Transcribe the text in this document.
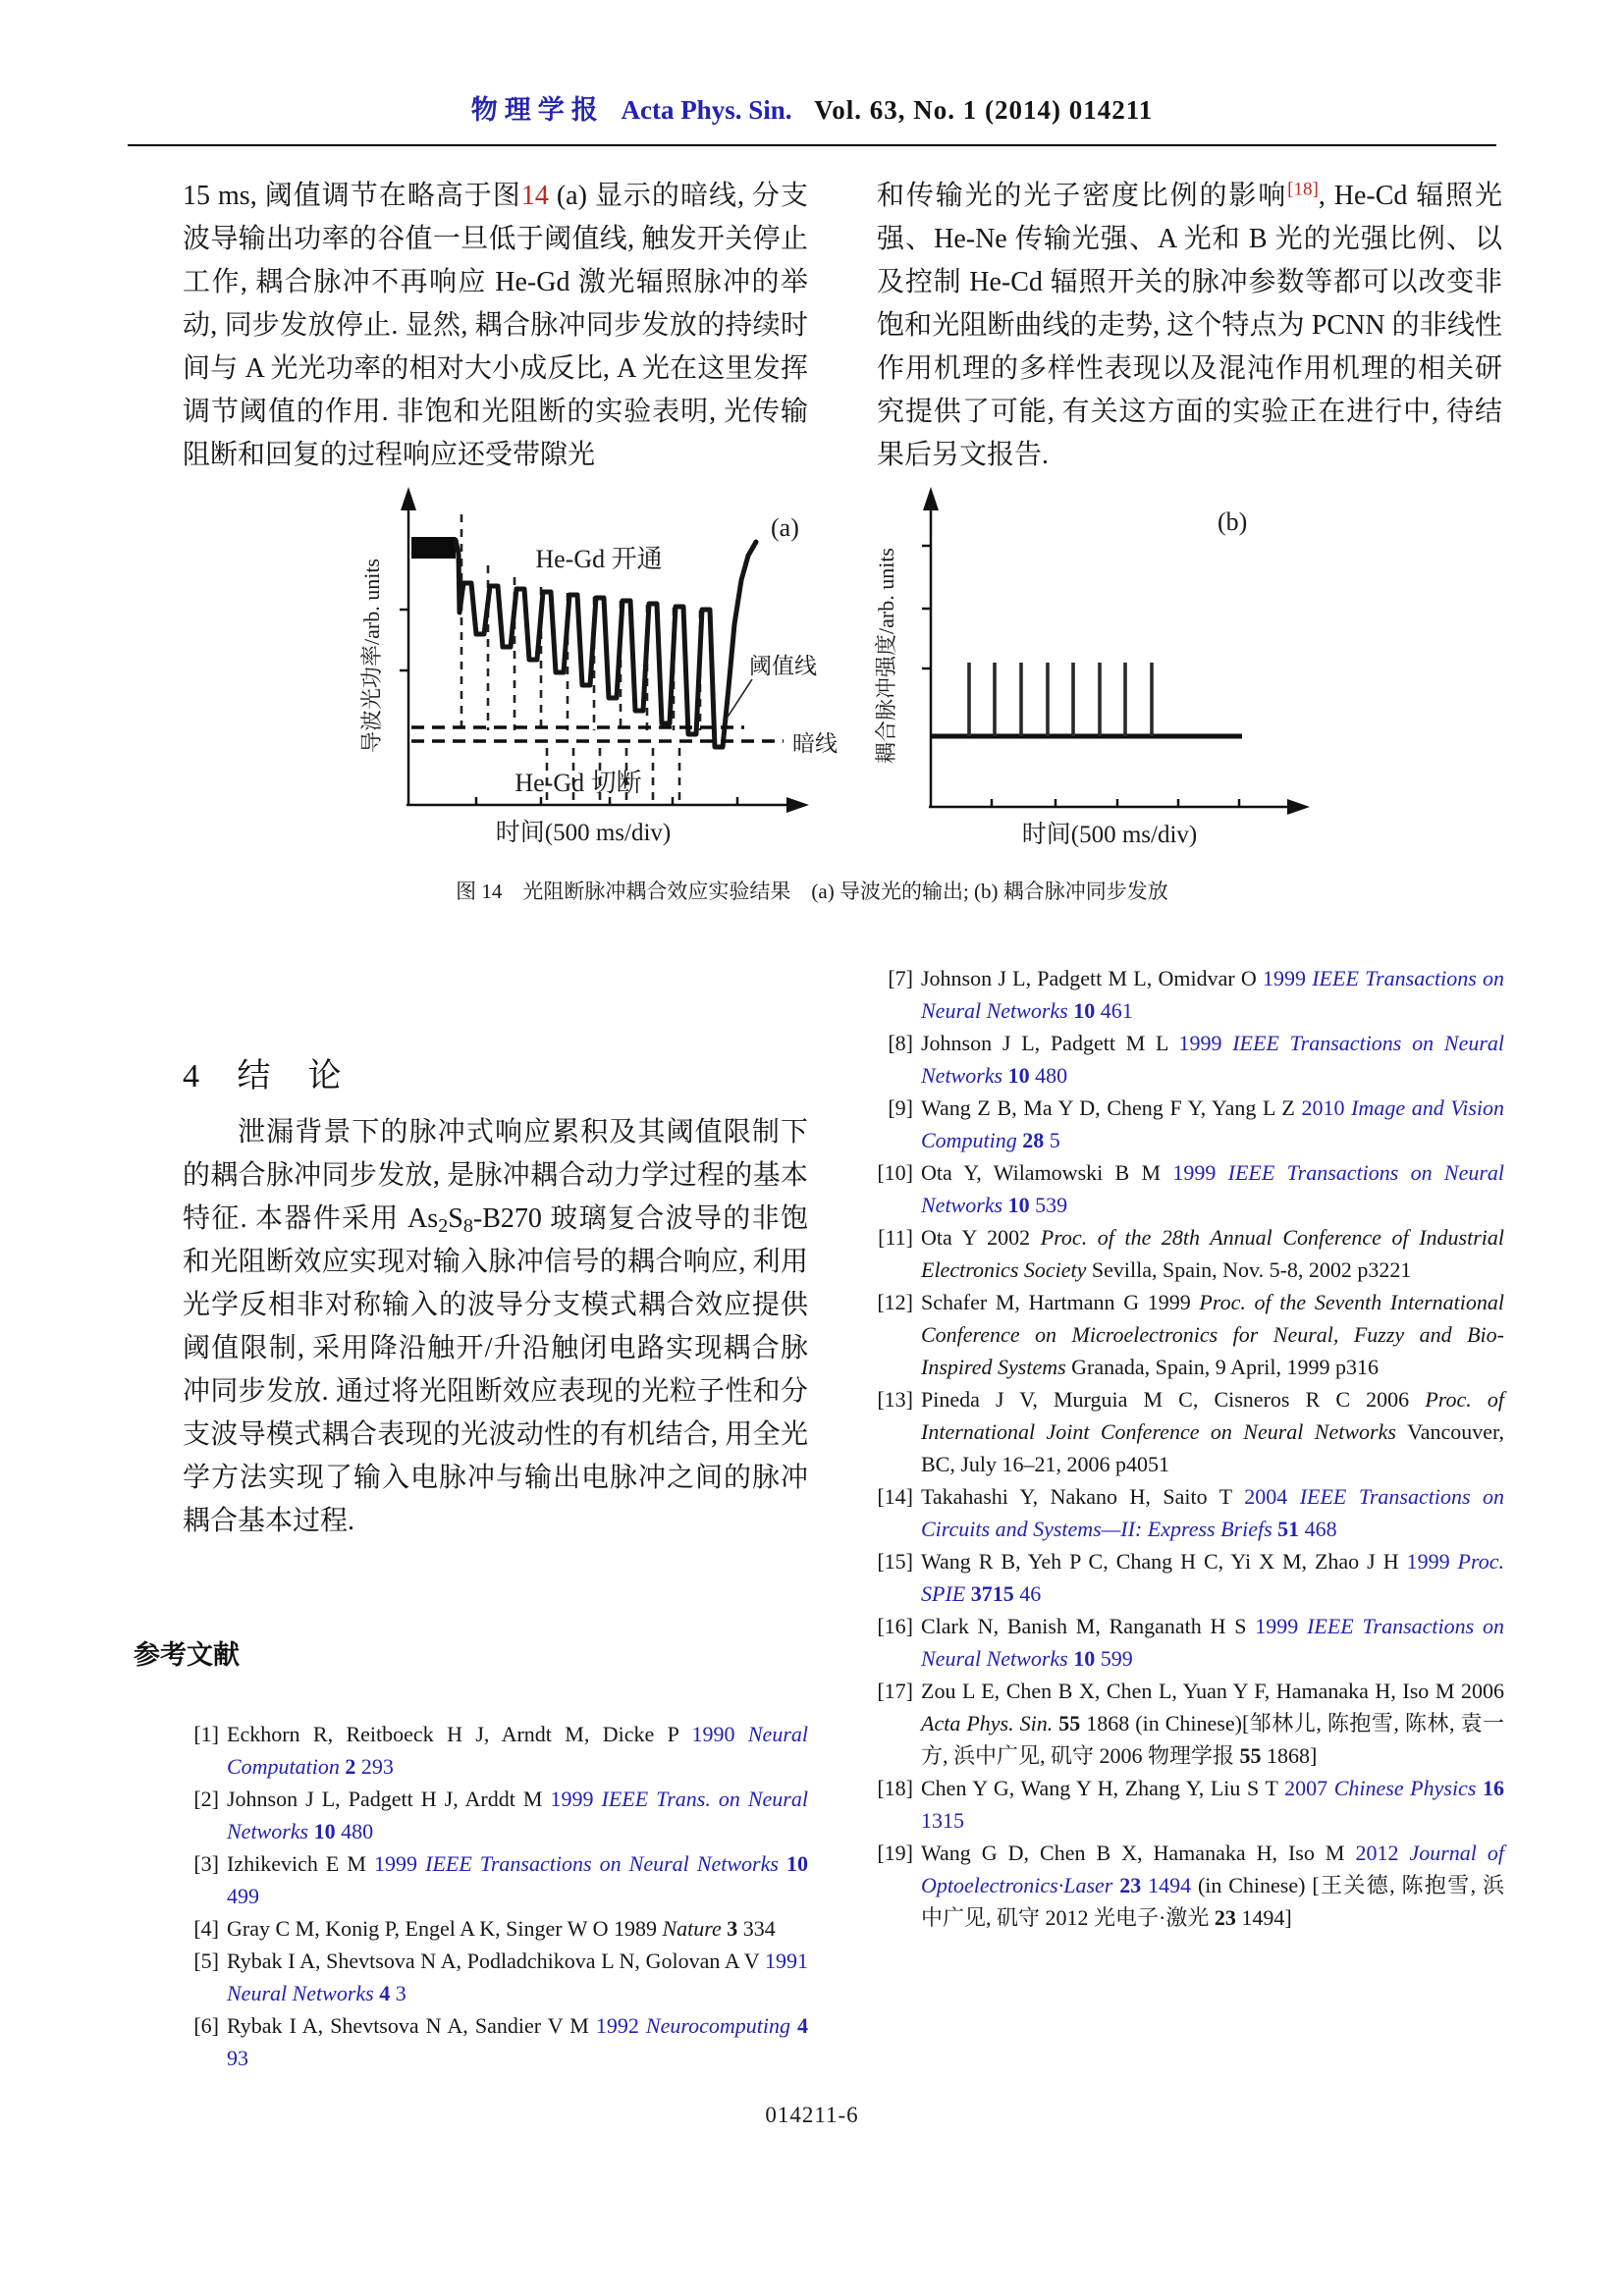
物理学报 Acta Phys. Sin. Vol. 63, No. 1 (2014) 014211
15 ms, 阈值调节在略高于图14 (a) 显示的暗线, 分支波导输出功率的谷值一旦低于阈值线, 触发开关停止工作, 耦合脉冲不再响应 He-Gd 激光辐照脉冲的举动, 同步发放停止. 显然, 耦合脉冲同步发放的持续时间与 A 光光功率的相对大小成反比, A 光在这里发挥调节阈值的作用. 非饱和光阻断的实验表明, 光传输阻断和回复的过程响应还受带隙光
和传输光的光子密度比例的影响[18], He-Cd 辐照光强、He-Ne 传输光强、A 光和 B 光的光强比例、以及控制 He-Cd 辐照开关的脉冲参数等都可以改变非饱和光阻断曲线的走势, 这个特点为 PCNN 的非线性作用机理的多样性表现以及混沌作用机理的相关研究提供了可能, 有关这方面的实验正在进行中, 待结果后另文报告.
(a)
He-Gd 开通
He-Gd 切断
阈值线
暗线
时间(500 ms/div)
导波光功率/arb. units
(b)
时间(500 ms/div)
耦合脉冲强度/arb. units
图 14    光阻断脉冲耦合效应实验结果    (a) 导波光的输出; (b) 耦合脉冲同步发放
4 结　论
泄漏背景下的脉冲式响应累积及其阈值限制下的耦合脉冲同步发放, 是脉冲耦合动力学过程的基本特征. 本器件采用 As2S8-B270 玻璃复合波导的非饱和光阻断效应实现对输入脉冲信号的耦合响应, 利用光学反相非对称输入的波导分支模式耦合效应提供阈值限制, 采用降沿触开/升沿触闭电路实现耦合脉冲同步发放. 通过将光阻断效应表现的光粒子性和分支波导模式耦合表现的光波动性的有机结合, 用全光学方法实现了输入电脉冲与输出电脉冲之间的脉冲耦合基本过程.
参考文献
[1] Eckhorn R, Reitboeck H J, Arndt M, Dicke P 1990 Neural Computation 2 293
[2] Johnson J L, Padgett H J, Arddt M 1999 IEEE Trans. on Neural Networks 10 480
[3] Izhikevich E M 1999 IEEE Transactions on Neural Networks 10 499
[4] Gray C M, Konig P, Engel A K, Singer W O 1989 Nature 3 334
[5] Rybak I A, Shevtsova N A, Podladchikova L N, Golovan A V 1991 Neural Networks 4 3
[6] Rybak I A, Shevtsova N A, Sandier V M 1992 Neurocomputing 4 93
[7] Johnson J L, Padgett M L, Omidvar O 1999 IEEE Transactions on Neural Networks 10 461
[8] Johnson J L, Padgett M L 1999 IEEE Transactions on Neural Networks 10 480
[9] Wang Z B, Ma Y D, Cheng F Y, Yang L Z 2010 Image and Vision Computing 28 5
[10] Ota Y, Wilamowski B M 1999 IEEE Transactions on Neural Networks 10 539
[11] Ota Y 2002 Proc. of the 28th Annual Conference of Industrial Electronics Society Sevilla, Spain, Nov. 5-8, 2002 p3221
[12] Schafer M, Hartmann G 1999 Proc. of the Seventh International Conference on Microelectronics for Neural, Fuzzy and Bio-Inspired Systems Granada, Spain, 9 April, 1999 p316
[13] Pineda J V, Murguia M C, Cisneros R C 2006 Proc. of International Joint Conference on Neural Networks Vancouver, BC, July 16–21, 2006 p4051
[14] Takahashi Y, Nakano H, Saito T 2004 IEEE Transactions on Circuits and Systems—II: Express Briefs 51 468
[15] Wang R B, Yeh P C, Chang H C, Yi X M, Zhao J H 1999 Proc. SPIE 3715 46
[16] Clark N, Banish M, Ranganath H S 1999 IEEE Transactions on Neural Networks 10 599
[17] Zou L E, Chen B X, Chen L, Yuan Y F, Hamanaka H, Iso M 2006 Acta Phys. Sin. 55 1868 (in Chinese)[邹林儿, 陈抱雪, 陈林, 袁一方, 浜中广见, 矶守 2006 物理学报 55 1868]
[18] Chen Y G, Wang Y H, Zhang Y, Liu S T 2007 Chinese Physics 16 1315
[19] Wang G D, Chen B X, Hamanaka H, Iso M 2012 Journal of Optoelectronics·Laser 23 1494 (in Chinese) [王关德, 陈抱雪, 浜中广见, 矶守 2012 光电子·激光 23 1494]
014211-6
